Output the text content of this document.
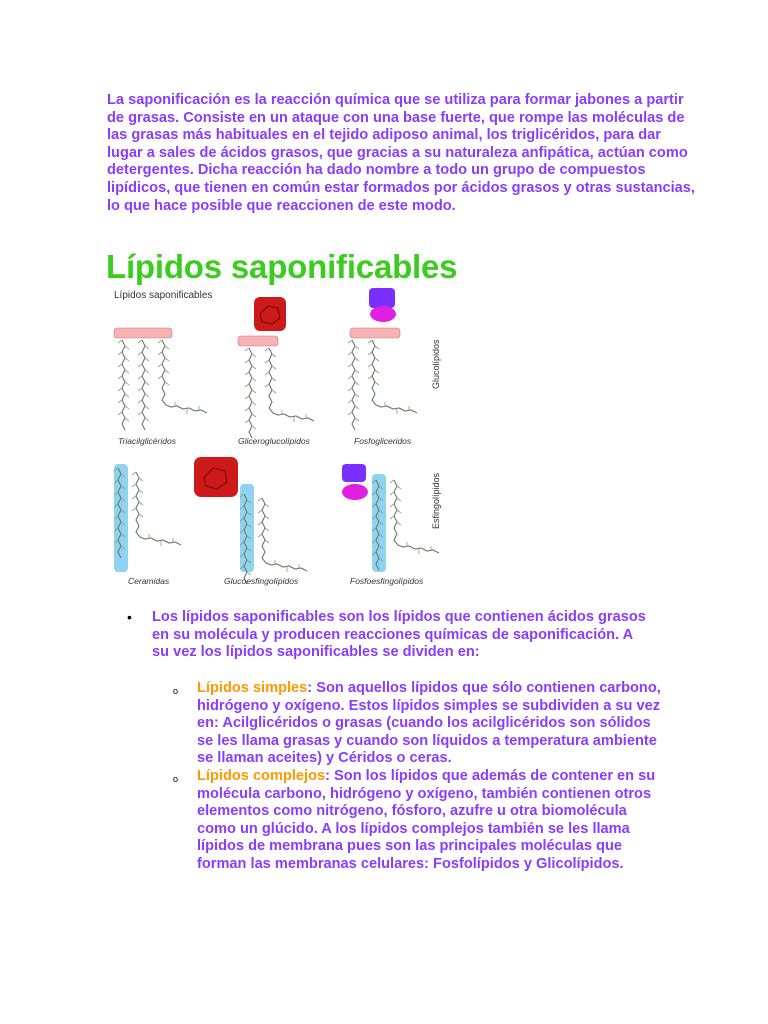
La saponificación es la reacción química que se utiliza para formar jabones a partir de grasas. Consiste en un ataque con una base fuerte, que rompe las moléculas de las grasas más habituales en el tejido adiposo animal, los triglicéridos, para dar lugar a sales de ácidos grasos, que gracias a su naturaleza anfipática, actúan como detergentes. Dicha reacción ha dado nombre a todo un grupo de compuestos lipídicos, que tienen en común estar formados por ácidos grasos y otras sustancias, lo que hace posible que reaccionen de este modo.

Lípidos saponificables
Lípidos saponificables
Triacilglicéridos	Gliceroglucolípidos	Fosfogliceridos
Glucolípidos
Ceramidas	Glucoesfingolípidos	Fosfoesfingolípidos
Esfingolípidos
• Los lípidos saponificables son los lípidos que contienen ácidos grasos en su molécula y producen reacciones químicas de saponificación. A su vez los lípidos saponificables se dividen en:
o Lípidos simples: Son aquellos lípidos que sólo contienen carbono, hidrógeno y oxígeno. Estos lípidos simples se subdividen a su vez en: Acilglicéridos o grasas (cuando los acilglicéridos son sólidos se les llama grasas y cuando son líquidos a temperatura ambiente se llaman aceites) y Céridos o ceras.
o Lípidos complejos: Son los lípidos que además de contener en su molécula carbono, hidrógeno y oxígeno, también contienen otros elementos como nitrógeno, fósforo, azufre u otra biomolécula como un glúcido. A los lípidos complejos también se les llama lípidos de membrana pues son las principales moléculas que forman las membranas celulares: Fosfolípidos y Glicolípidos.
